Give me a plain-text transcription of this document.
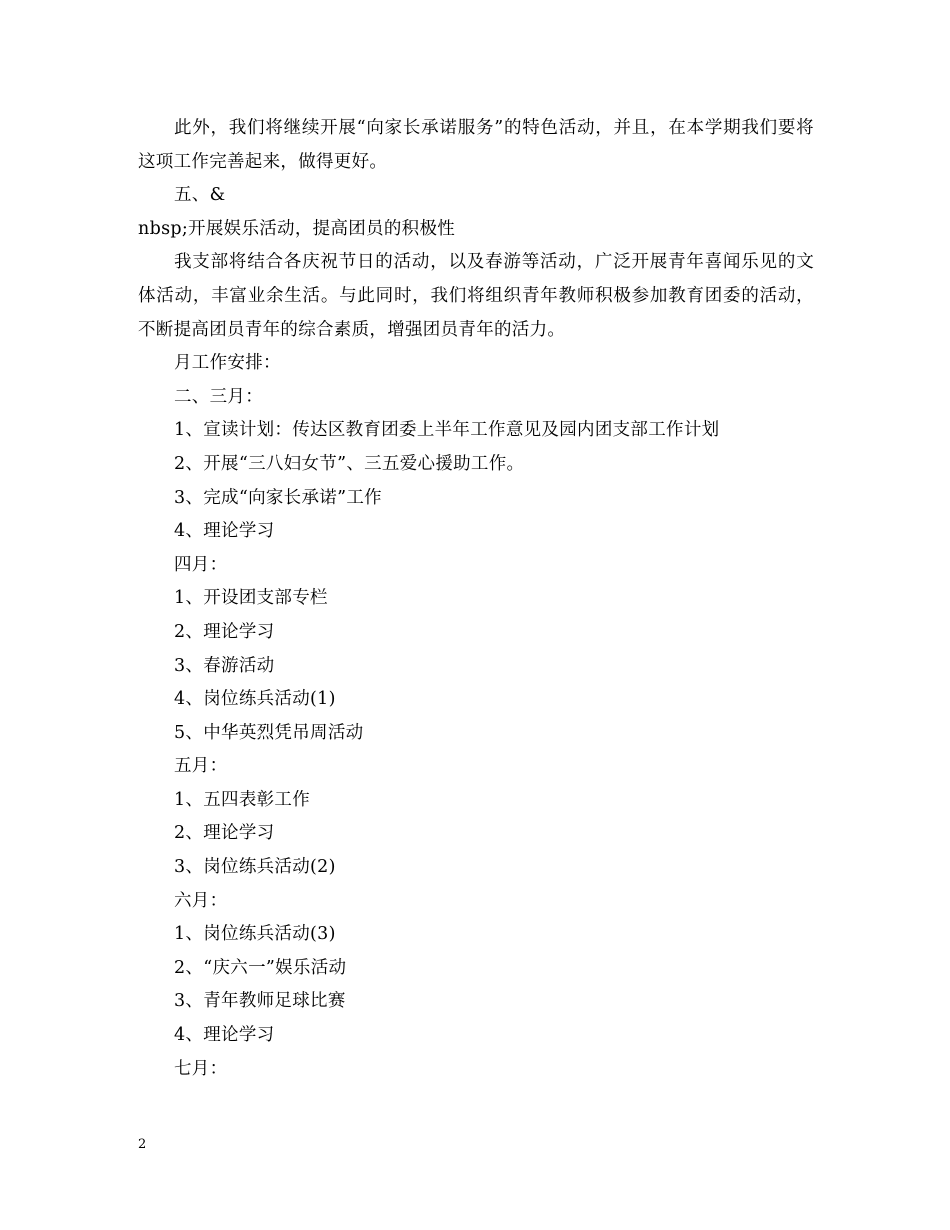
此外，我们将继续开展“向家长承诺服务”的特色活动，并且，在本学期我们要将这项工作完善起来，做得更好。

五、&
nbsp;开展娱乐活动，提高团员的积极性

我支部将结合各庆祝节日的活动，以及春游等活动，广泛开展青年喜闻乐见的文体活动，丰富业余生活。与此同时，我们将组织青年教师积极参加教育团委的活动，不断提高团员青年的综合素质，增强团员青年的活力。

月工作安排：
二、三月：
1、宣读计划：传达区教育团委上半年工作意见及园内团支部工作计划
2、开展“三八妇女节”、三五爱心援助工作。
3、完成“向家长承诺”工作
4、理论学习
四月：
1、开设团支部专栏
2、理论学习
3、春游活动
4、岗位练兵活动(1)
5、中华英烈凭吊周活动
五月：
1、五四表彰工作
2、理论学习
3、岗位练兵活动(2)
六月：
1、岗位练兵活动(3)
2、“庆六一”娱乐活动
3、青年教师足球比赛
4、理论学习
七月：
2
